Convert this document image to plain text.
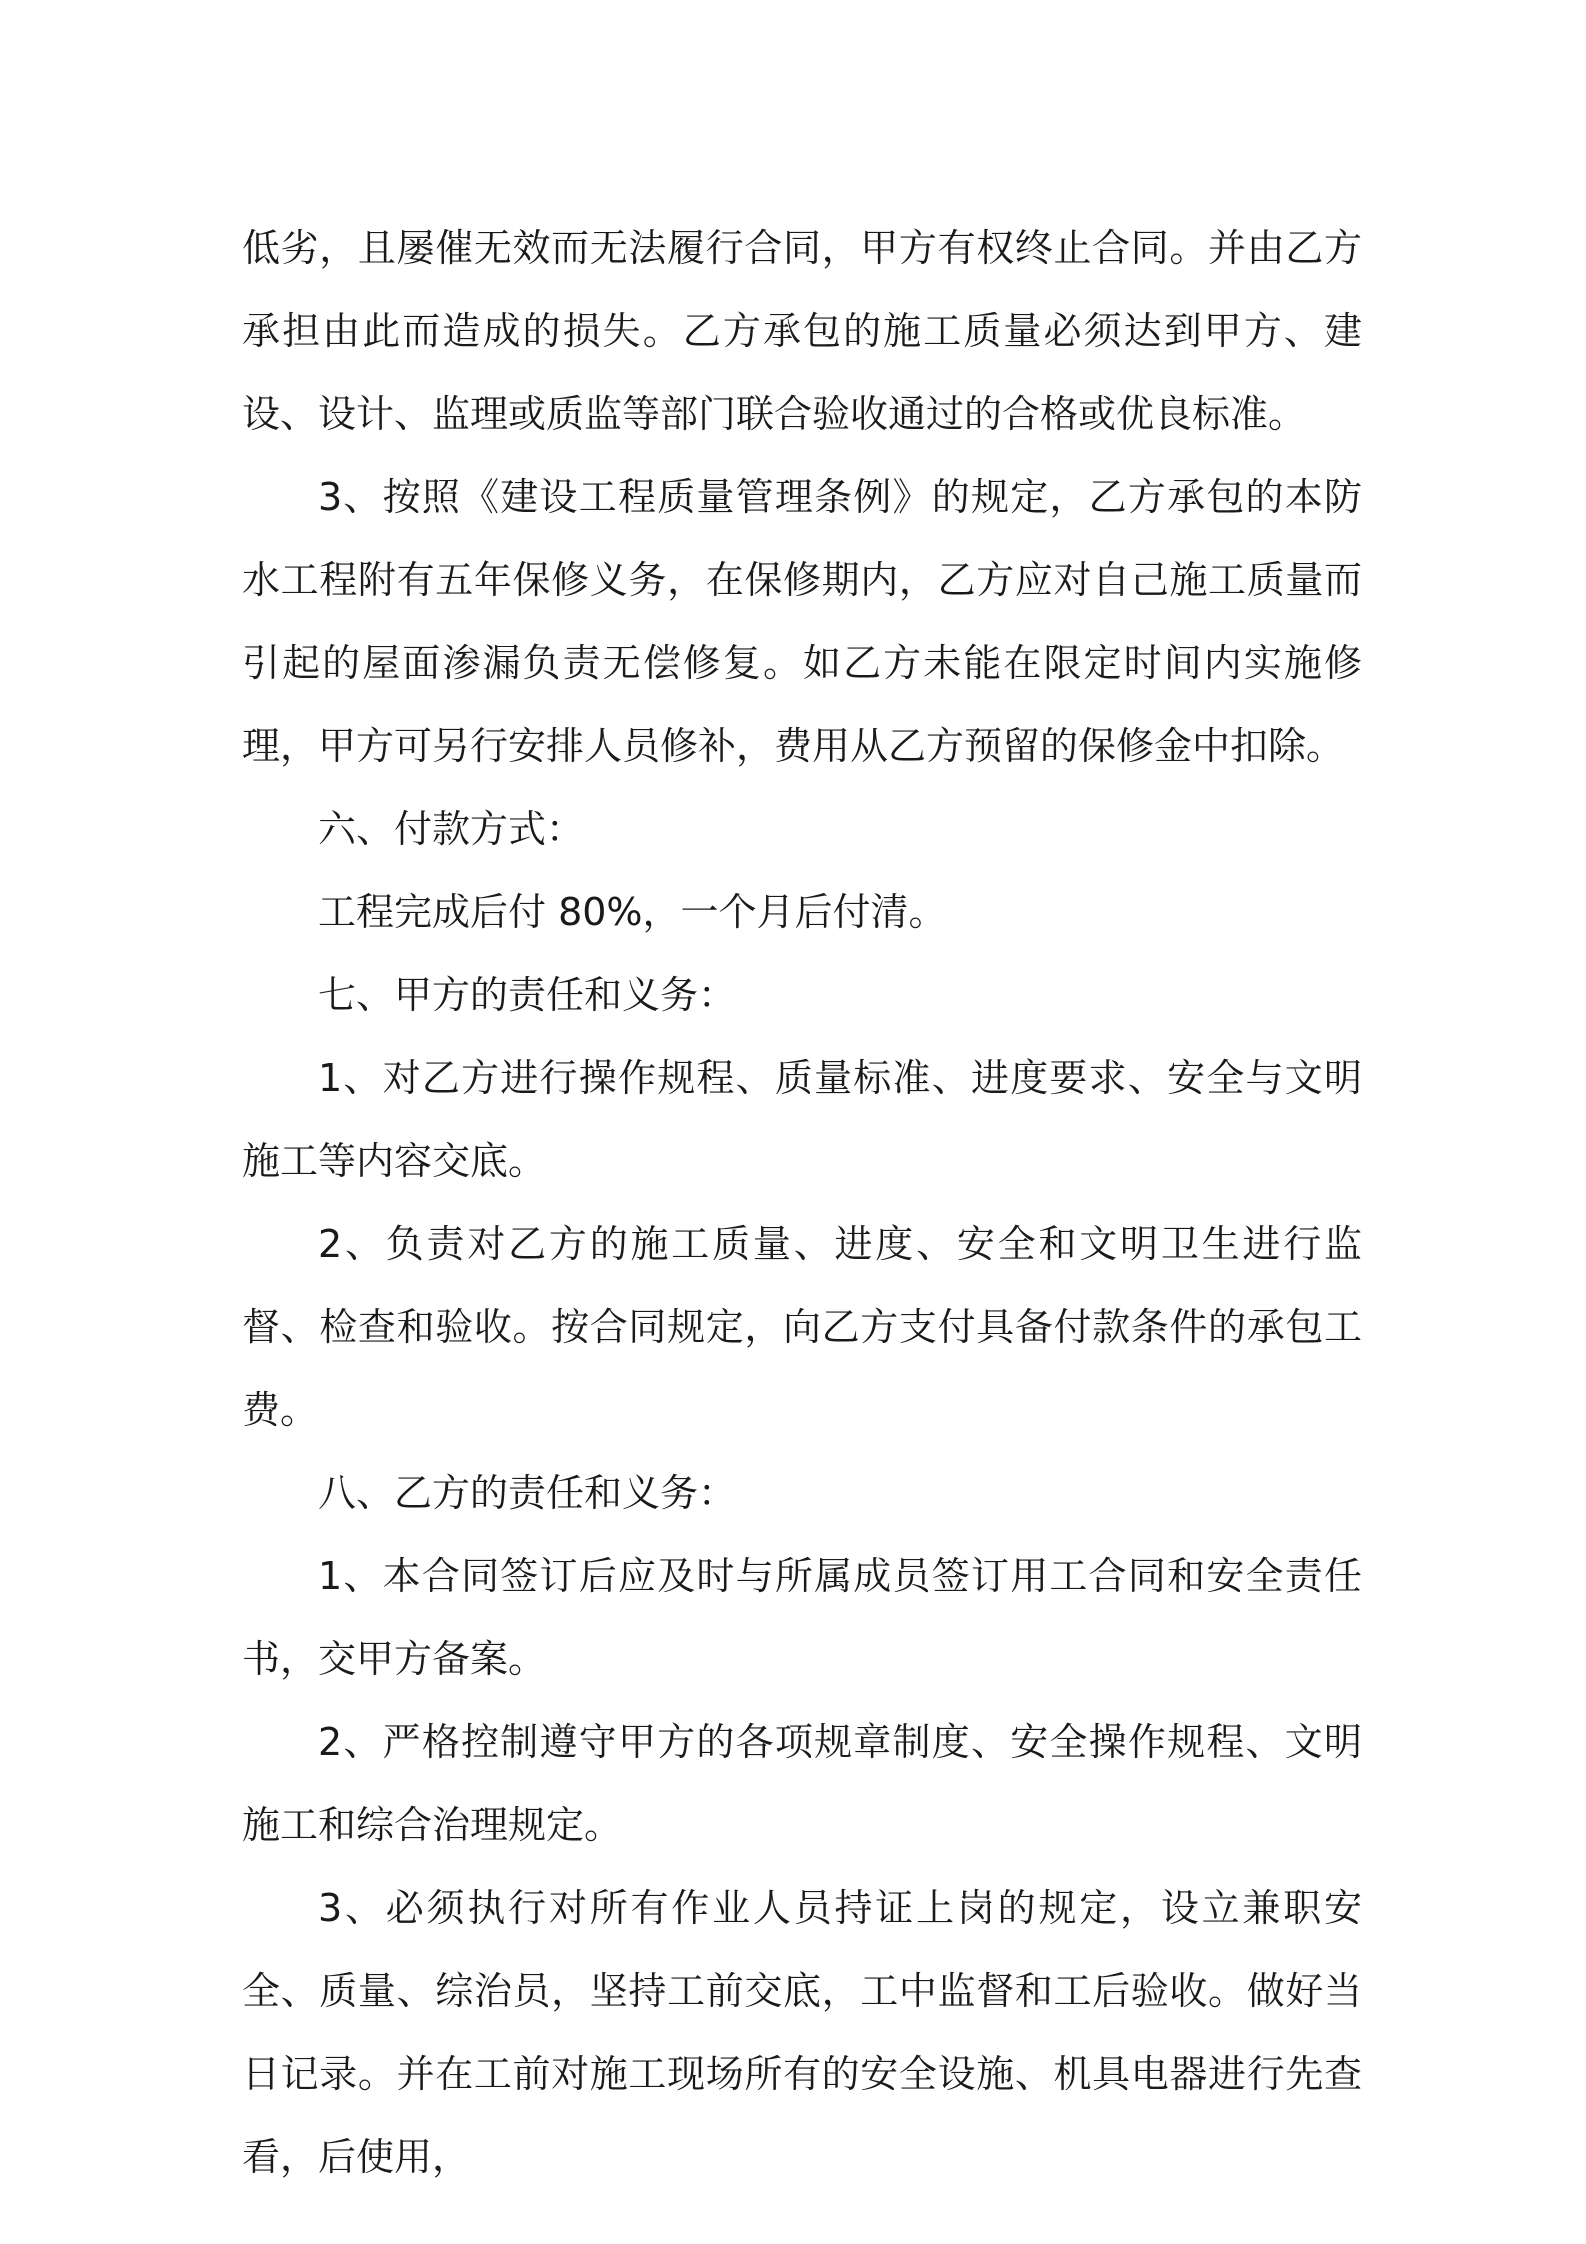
低劣，且屡催无效而无法履行合同，甲方有权终止合同。并由乙方承担由此而造成的损失。乙方承包的施工质量必须达到甲方、建设、设计、监理或质监等部门联合验收通过的合格或优良标准。

3、按照《建设工程质量管理条例》的规定，乙方承包的本防水工程附有五年保修义务，在保修期内，乙方应对自己施工质量而引起的屋面渗漏负责无偿修复。如乙方未能在限定时间内实施修理，甲方可另行安排人员修补，费用从乙方预留的保修金中扣除。

六、付款方式：

工程完成后付 80%，一个月后付清。

七、甲方的责任和义务：

1、对乙方进行操作规程、质量标准、进度要求、安全与文明施工等内容交底。

2、负责对乙方的施工质量、进度、安全和文明卫生进行监督、检查和验收。按合同规定，向乙方支付具备付款条件的承包工费。

八、乙方的责任和义务：

1、本合同签订后应及时与所属成员签订用工合同和安全责任书，交甲方备案。

2、严格控制遵守甲方的各项规章制度、安全操作规程、文明施工和综合治理规定。

3、必须执行对所有作业人员持证上岗的规定，设立兼职安全、质量、综治员，坚持工前交底，工中监督和工后验收。做好当日记录。并在工前对施工现场所有的安全设施、机具电器进行先查看，后使用，
